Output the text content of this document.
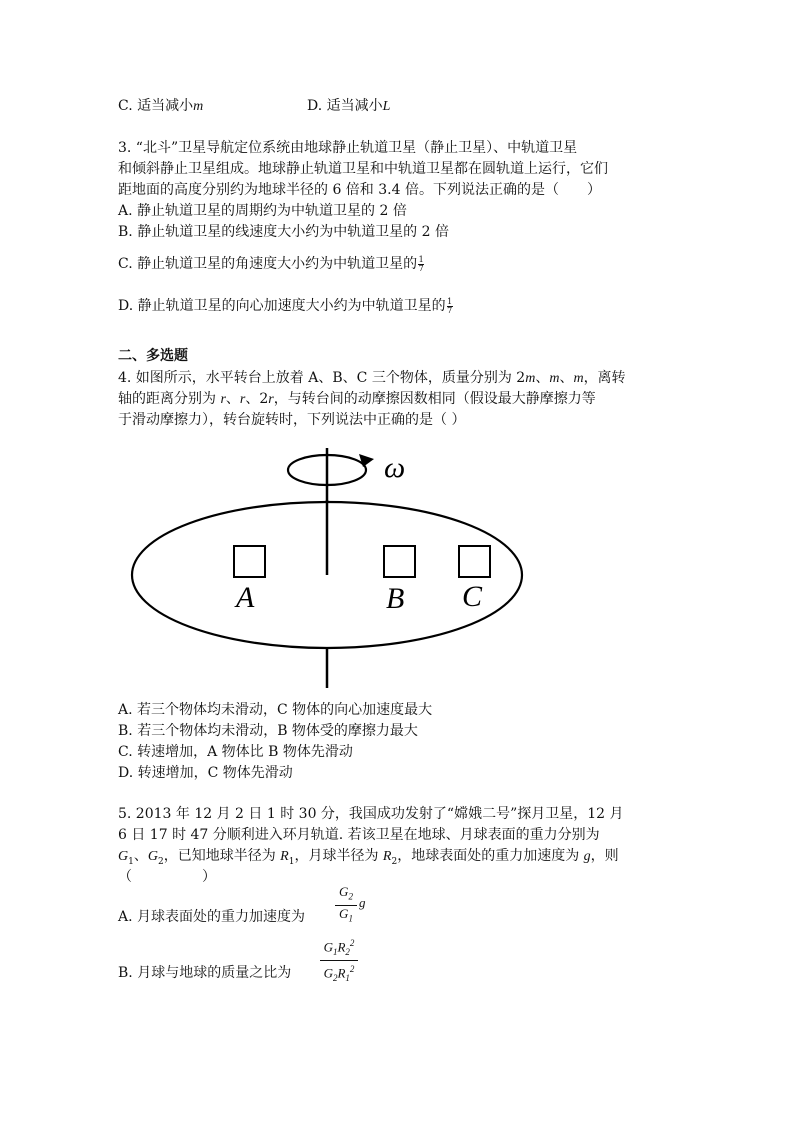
C. 适当减小m	D. 适当减小L
3. “北斗”卫星导航定位系统由地球静止轨道卫星（静止卫星）、中轨道卫星
和倾斜静止卫星组成。地球静止轨道卫星和中轨道卫星都在圆轨道上运行，它们
距地面的高度分别约为地球半径的 6 倍和 3.4 倍。下列说法正确的是（　　）
A. 静止轨道卫星的周期约为中轨道卫星的 2 倍
B. 静止轨道卫星的线速度大小约为中轨道卫星的 2 倍
C. 静止轨道卫星的角速度大小约为中轨道卫星的 $\frac{1}{7}$
D. 静止轨道卫星的向心加速度大小约为中轨道卫星的 $\frac{1}{7}$
二、多选题
4. 如图所示，水平转台上放着 A、B、C 三个物体，质量分别为 2m、m、m，离转
轴的距离分别为 r、r、2r，与转台间的动摩擦因数相同（假设最大静摩擦力等
于滑动摩擦力），转台旋转时，下列说法中正确的是（ ）
ω
A	B C
A. 若三个物体均未滑动，C 物体的向心加速度最大
B. 若三个物体均未滑动，B 物体受的摩擦力最大
C. 转速增加，A 物体比 B 物体先滑动
D. 转速增加，C 物体先滑动
5. 2013 年 12 月 2 日 1 时 30 分，我国成功发射了“嫦娥二号”探月卫星，12 月
6 日 17 时 47 分顺利进入环月轨道. 若该卫星在地球、月球表面的重力分别为
$G_1$、$G_2$，已知地球半径为 $R_1$，月球半径为 $R_2$，地球表面处的重力加速度为 g，则
（　　　　　）
A. 月球表面处的重力加速度为
$G_2$
$G_1$
g
B. 月球与地球的质量之比为
$G_1R_2^2$
$G_2R_1^2$
